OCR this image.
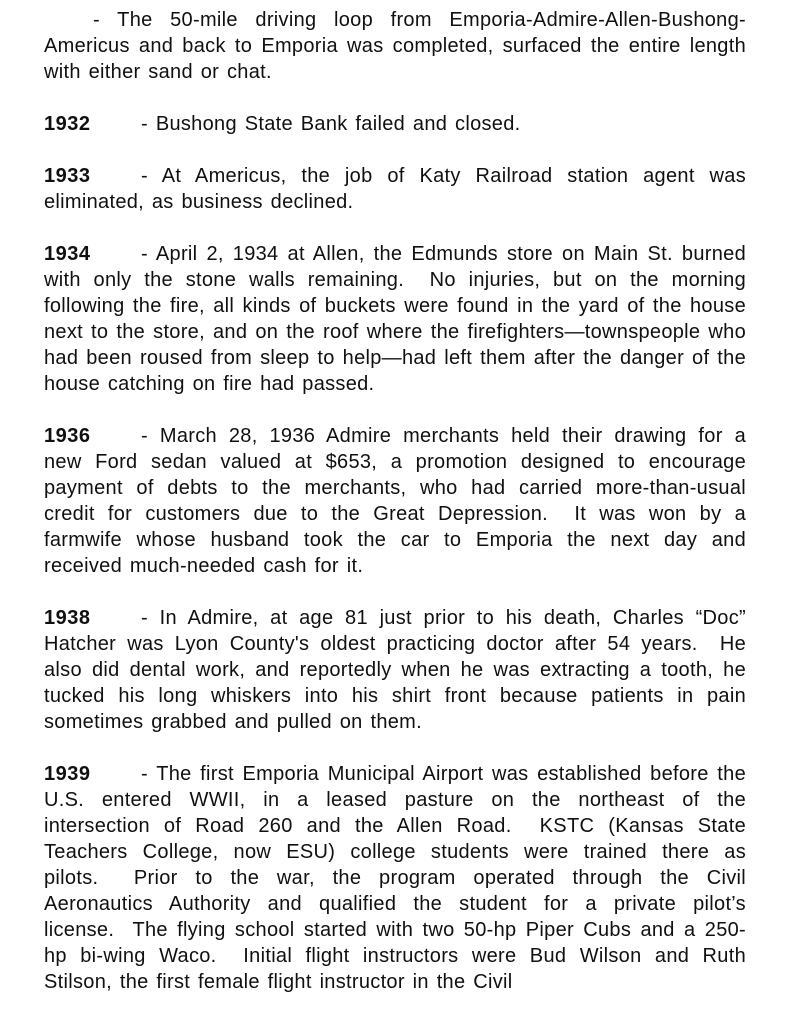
- The 50-mile driving loop from Emporia-Admire-Allen-Bushong-Americus and back to Emporia was completed, surfaced the entire length with either sand or chat.

1932	- Bushong State Bank failed and closed.

1933	- At Americus, the job of Katy Railroad station agent was eliminated, as business declined.

1934	- April 2, 1934 at Allen, the Edmunds store on Main St. burned with only the stone walls remaining.  No injuries, but on the morning following the fire, all kinds of buckets were found in the yard of the house next to the store, and on the roof where the firefighters—townspeople who had been roused from sleep to help—had left them after the danger of the house catching on fire had passed.

1936	- March 28, 1936 Admire merchants held their drawing for a new Ford sedan valued at $653, a promotion designed to encourage payment of debts to the merchants, who had carried more-than-usual credit for customers due to the Great Depression.  It was won by a farmwife whose husband took the car to Emporia the next day and received much-needed cash for it.

1938	- In Admire, at age 81 just prior to his death, Charles “Doc” Hatcher was Lyon County's oldest practicing doctor after 54 years.  He also did dental work, and reportedly when he was extracting a tooth, he tucked his long whiskers into his shirt front because patients in pain sometimes grabbed and pulled on them.

1939	- The first Emporia Municipal Airport was established before the U.S. entered WWII, in a leased pasture on the northeast of the intersection of Road 260 and the Allen Road.  KSTC (Kansas State Teachers College, now ESU) college students were trained there as pilots.  Prior to the war, the program operated through the Civil Aeronautics Authority and qualified the student for a private pilot’s license.  The flying school started with two 50-hp Piper Cubs and a 250-hp bi-wing Waco.  Initial flight instructors were Bud Wilson and Ruth Stilson, the first female flight instructor in the Civil
